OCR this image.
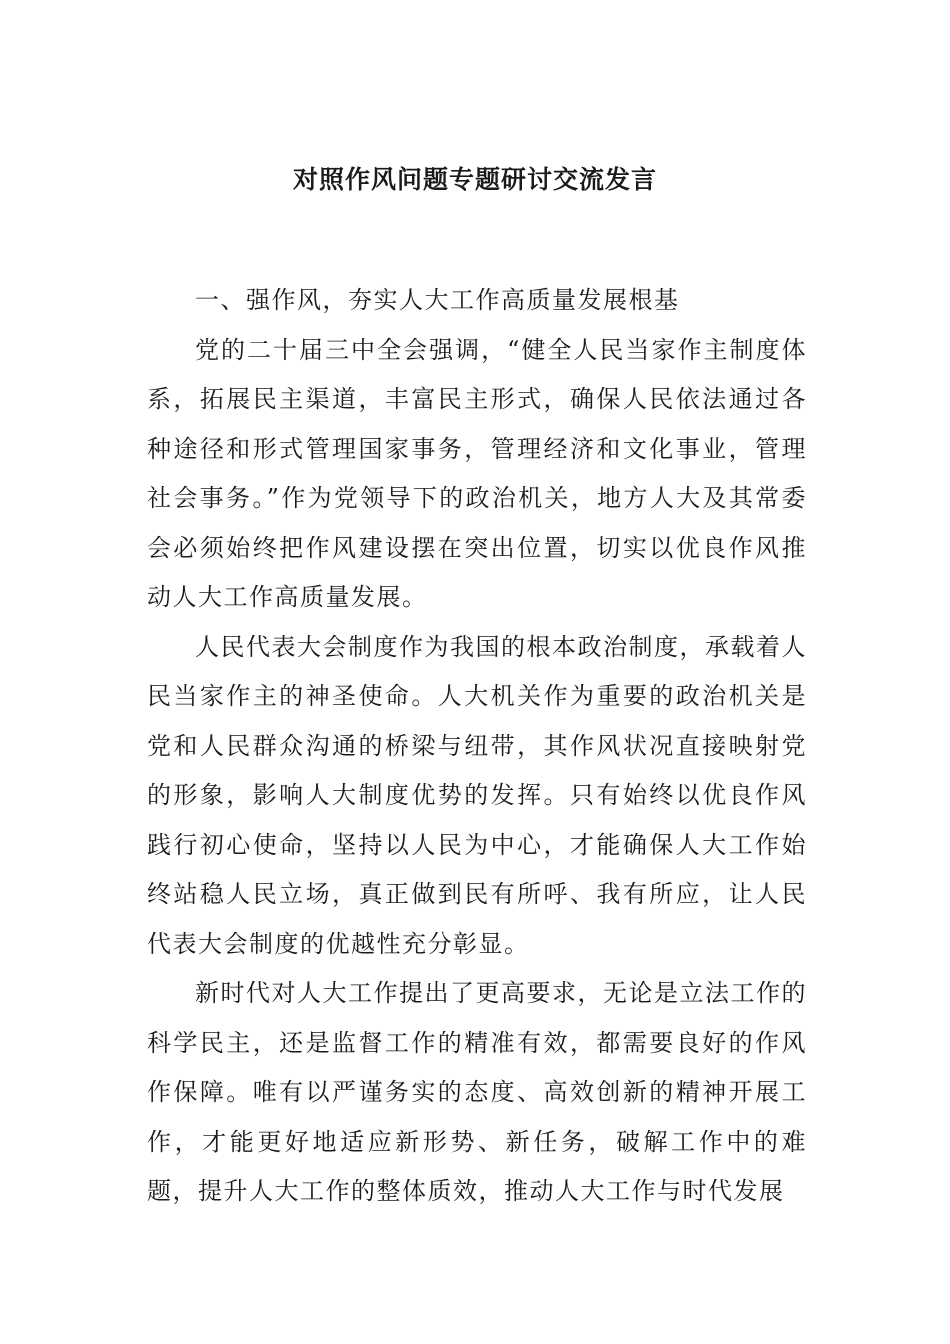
对照作风问题专题研讨交流发言

一、强作风，夯实人大工作高质量发展根基

党的二十届三中全会强调，“健全人民当家作主制度体系，拓展民主渠道，丰富民主形式，确保人民依法通过各种途径和形式管理国家事务，管理经济和文化事业，管理社会事务。”作为党领导下的政治机关，地方人大及其常委会必须始终把作风建设摆在突出位置，切实以优良作风推动人大工作高质量发展。

人民代表大会制度作为我国的根本政治制度，承载着人民当家作主的神圣使命。人大机关作为重要的政治机关是党和人民群众沟通的桥梁与纽带，其作风状况直接映射党的形象，影响人大制度优势的发挥。只有始终以优良作风践行初心使命，坚持以人民为中心，才能确保人大工作始终站稳人民立场，真正做到民有所呼、我有所应，让人民代表大会制度的优越性充分彰显。

新时代对人大工作提出了更高要求，无论是立法工作的科学民主，还是监督工作的精准有效，都需要良好的作风作保障。唯有以严谨务实的态度、高效创新的精神开展工作，才能更好地适应新形势、新任务，破解工作中的难题，提升人大工作的整体质效，推动人大工作与时代发展
